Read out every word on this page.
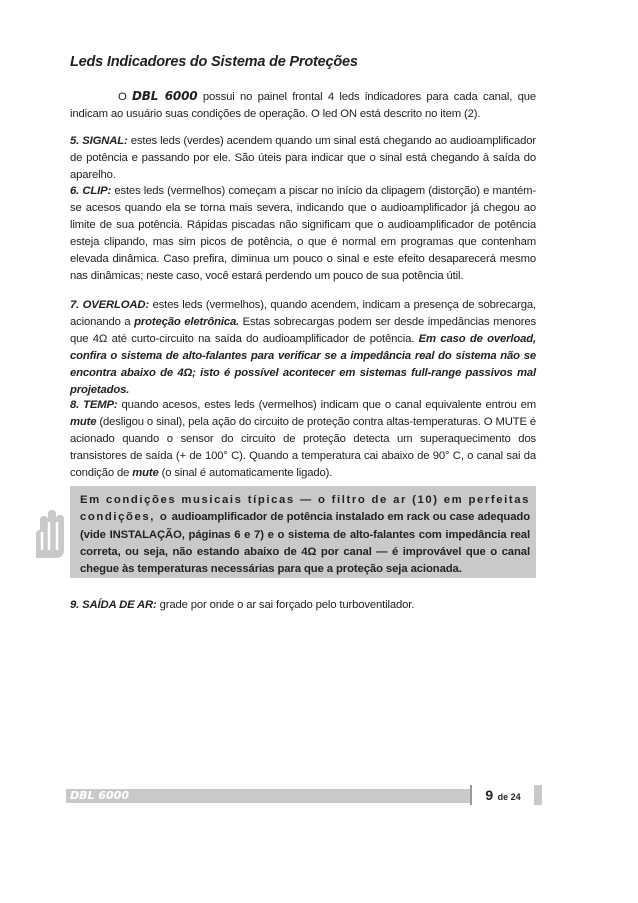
Leds Indicadores do Sistema de Proteções
O DBL 6000 possui no painel frontal 4 leds indicadores para cada canal, que indicam ao usuário suas condições de operação. O led ON está descrito no item (2).
5. SIGNAL: estes leds (verdes) acendem quando um sinal está chegando ao audioamplificador de potência e passando por ele. São úteis para indicar que o sinal está chegando à saída do aparelho.
6. CLIP: estes leds (vermelhos) começam a piscar no início da clipagem (distorção) e mantém-se acesos quando ela se torna mais severa, indicando que o audioamplificador já chegou ao limite de sua potência. Rápidas piscadas não significam que o audioamplificador de potência esteja clipando, mas sim picos de potência, o que é normal em programas que contenham elevada dinâmica. Caso prefira, diminua um pouco o sinal e este efeito desaparecerá mesmo nas dinâmicas; neste caso, você estará perdendo um pouco de sua potência útil.
7. OVERLOAD: estes leds (vermelhos), quando acendem, indicam a presença de sobrecarga, acionando a proteção eletrônica. Estas sobrecargas podem ser desde impedâncias menores que 4Ω até curto-circuito na saída do audioamplificador de potência. Em caso de overload, confira o sistema de alto-falantes para verificar se a impedância real do sistema não se encontra abaixo de 4Ω; isto é possível acontecer em sistemas full-range passivos mal projetados.
8. TEMP: quando acesos, estes leds (vermelhos) indicam que o canal equivalente entrou em mute (desligou o sinal), pela ação do circuito de proteção contra altas-temperaturas. O MUTE é acionado quando o sensor do circuito de proteção detecta um superaquecimento dos transistores de saída (+ de 100° C). Quando a temperatura cai abaixo de 90° C, o canal sai da condição de mute (o sinal é automaticamente ligado).
Em condições musicais típicas — o filtro de ar (10) em perfeitas condições, o audioamplificador de potência instalado em rack ou case adequado (vide INSTALAÇÃO, páginas 6 e 7) e o sistema de alto-falantes com impedância real correta, ou seja, não estando abaixo de 4Ω por canal — é improvável que o canal chegue às temperaturas necessárias para que a proteção seja acionada.
9. SAÍDA DE AR: grade por onde o ar sai forçado pelo turboventilador.
DBL 6000	9 de 24
